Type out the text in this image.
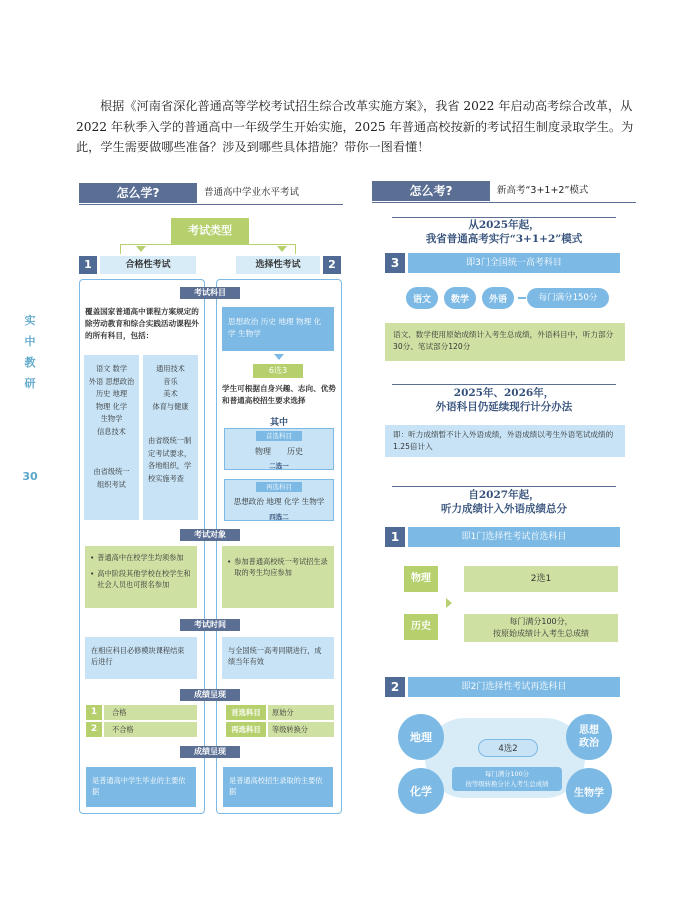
根据《河南省深化普通高等学校考试招生综合改革实施方案》，我省 2022 年启动高考综合改革，从 2022 年秋季入学的普通高中一年级学生开始实施，2025 年普通高校按新的考试招生制度录取学生。为此，学生需要做哪些准备？涉及到哪些具体措施？带你一图看懂！
实
中
教
研
30
怎么学?	普通高中学业水平考试
考试类型
1	合格性考试	选择性考试	2
考试科目
覆盖国家普通高中课程方案规定的除劳动教育和综合实践活动课程外的所有科目，包括：
语文 数学
外语 思想政治
历史 地理
物理 化学
生物学
信息技术
由省级统一组织考试
通用技术
音乐
美术
体育与健康
由省级统一制定考试要求，各地组织，学校实施考查
思想政治 历史 地理 物理 化学 生物学
6选3
学生可根据自身兴趣、志向、优势和普通高校招生要求选择
其中
首选科目
物理　　历史
二选一
再选科目
思想政治 地理 化学 生物学
四选二
考试对象
• 普通高中在校学生均须参加
• 高中阶段其他学校在校学生和社会人员也可报名参加
• 参加普通高校统一考试招生录取的考生均应参加
考试时间
在相应科目必修模块课程结束后进行
与全国统一高考同期进行，成绩当年有效
成绩呈现
1	合格
2	不合格
首选科目	原始分
再选科目	等级转换分
成绩呈现
是普通高中学生毕业的主要依据
是普通高校招生录取的主要依据
怎么考?	新高考“3+1+2”模式
从2025年起，
我省普通高考实行“3+1+2”模式
3	即3门全国统一高考科目
语文	数学	外语	每门满分150分
语文、数学使用原始成绩计入考生总成绩，外语科目中，听力部分30分、笔试部分120分
2025年、2026年，
外语科目仍延续现行计分办法
即：听力成绩暂不计入外语成绩，外语成绩以考生外语笔试成绩的1.25倍计入
自2027年起，
听力成绩计入外语成绩总分
1	即1门选择性考试首选科目
物理
历史
2选1
每门满分100分，
按原始成绩计入考生总成绩
2	即2门选择性考试再选科目
地理
思想
政治
化学	生物学
4选2
每门满分100分
按等级转换分计入考生总成绩
